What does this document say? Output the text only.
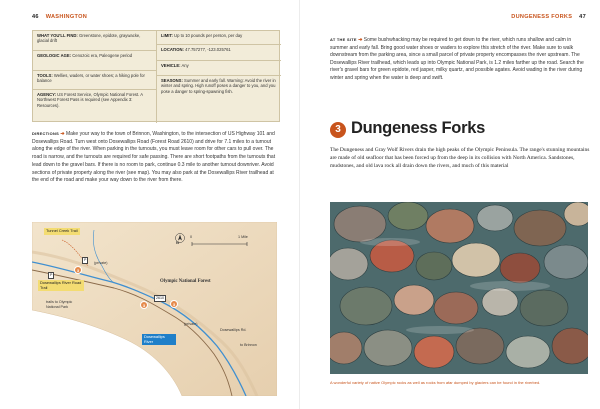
46 WASHINGTON
WHAT YOU'LL FIND: Greenstone, epidote, graywacke, glacial drift
GEOLOGIC AGE: Cenozoic era, Paleogene period
TOOLS: Wellies, waders, or water shoes; a hiking pole for balance
AGENCY: US Forest Service, Olympic National Forest. A Northwest Forest Pass is required (see Appendix 3: Resources).
LIMIT: Up to 10 pounds per person, per day
LOCATION: 47.757277, -123.025761
VEHICLE: Any
SEASONS: Summer and early fall. Warning: Avoid the river in winter and spring. High runoff poses a danger to you, and you pose a danger to spring-spawning fish.
DIRECTIONS ➔ Make your way to the town of Brinnon, Washington, to the intersection of US Highway 101 and Dosewallips Road. Turn west onto Dosewallips Road (Forest Road 2610) and drive for 7.1 miles to a turnout along the edge of the river. When parking in the turnouts, you must leave room for other cars to pull over. The road is narrow, and the turnouts are required for safe passing. There are short footpaths from the turnouts that lead down to the gravel bars. If there is no room to park, continue 0.3 mile to another turnout downriver. Avoid sections of private property along the river (see map). You may also park at the Dosewallips River trailhead at the end of the road and make your way down to the river from there.
Tunnel Creek Trail
N
0	1 Mile
P
(private)
3
Dosewallips River Road Trail
P
trails to Olympic National Park
Olympic National Forest
2610
3	3
(private)
Dosewallips Rd.
Dosewallips River
to Brinnon
DUNGENESS FORKS 47
AT THE SITE ➔ Some bushwhacking may be required to get down to the river, which runs shallow and calm in summer and early fall. Bring good water shoes or waders to explore this stretch of the river. Make sure to walk downstream from the parking area, since a small parcel of private property encompasses the river upstream. The Dosewallips River trailhead, which leads up into Olympic National Park, is 1.2 miles farther up the road. Search the river's gravel bars for green epidote, red jasper, milky quartz, and possible agates. Avoid wading in the river during winter and spring when the water is deep and swift.
3 Dungeness Forks
The Dungeness and Gray Wolf Rivers drain the high peaks of the Olympic Peninsula. The range's stunning mountains are made of old seafloor that has been forced up from the deep in its collision with North America. Sandstones, mudstones, and old lava rock all drain down the rivers, and much of this material
A wonderful variety of native Olympic rocks as well as rocks from afar dumped by glaciers can be found in the riverbed.
